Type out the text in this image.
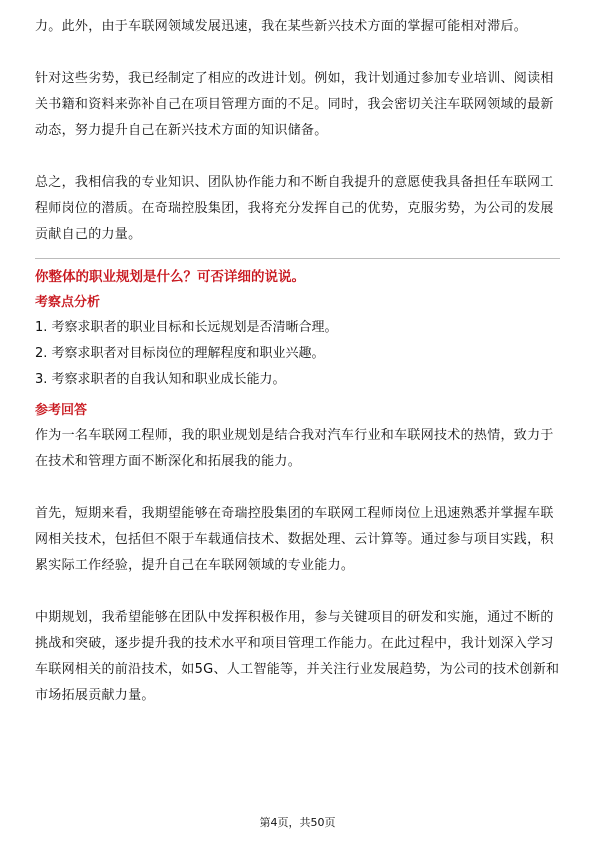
力。此外，由于车联网领域发展迅速，我在某些新兴技术方面的掌握可能相对滞后。

针对这些劣势，我已经制定了相应的改进计划。例如，我计划通过参加专业培训、阅读相关书籍和资料来弥补自己在项目管理方面的不足。同时，我会密切关注车联网领域的最新动态，努力提升自己在新兴技术方面的知识储备。

总之，我相信我的专业知识、团队协作能力和不断自我提升的意愿使我具备担任车联网工程师岗位的潜质。在奇瑞控股集团，我将充分发挥自己的优势，克服劣势，为公司的发展贡献自己的力量。

你整体的职业规划是什么？可否详细的说说。
考察点分析
1. 考察求职者的职业目标和长远规划是否清晰合理。
2. 考察求职者对目标岗位的理解程度和职业兴趣。
3. 考察求职者的自我认知和职业成长能力。
参考回答

作为一名车联网工程师，我的职业规划是结合我对汽车行业和车联网技术的热情，致力于在技术和管理方面不断深化和拓展我的能力。

首先，短期来看，我期望能够在奇瑞控股集团的车联网工程师岗位上迅速熟悉并掌握车联网相关技术，包括但不限于车载通信技术、数据处理、云计算等。通过参与项目实践，积累实际工作经验，提升自己在车联网领域的专业能力。

中期规划，我希望能够在团队中发挥积极作用，参与关键项目的研发和实施，通过不断的挑战和突破，逐步提升我的技术水平和项目管理工作能力。在此过程中，我计划深入学习车联网相关的前沿技术，如5G、人工智能等，并关注行业发展趋势，为公司的技术创新和市场拓展贡献力量。

第4页，共50页
